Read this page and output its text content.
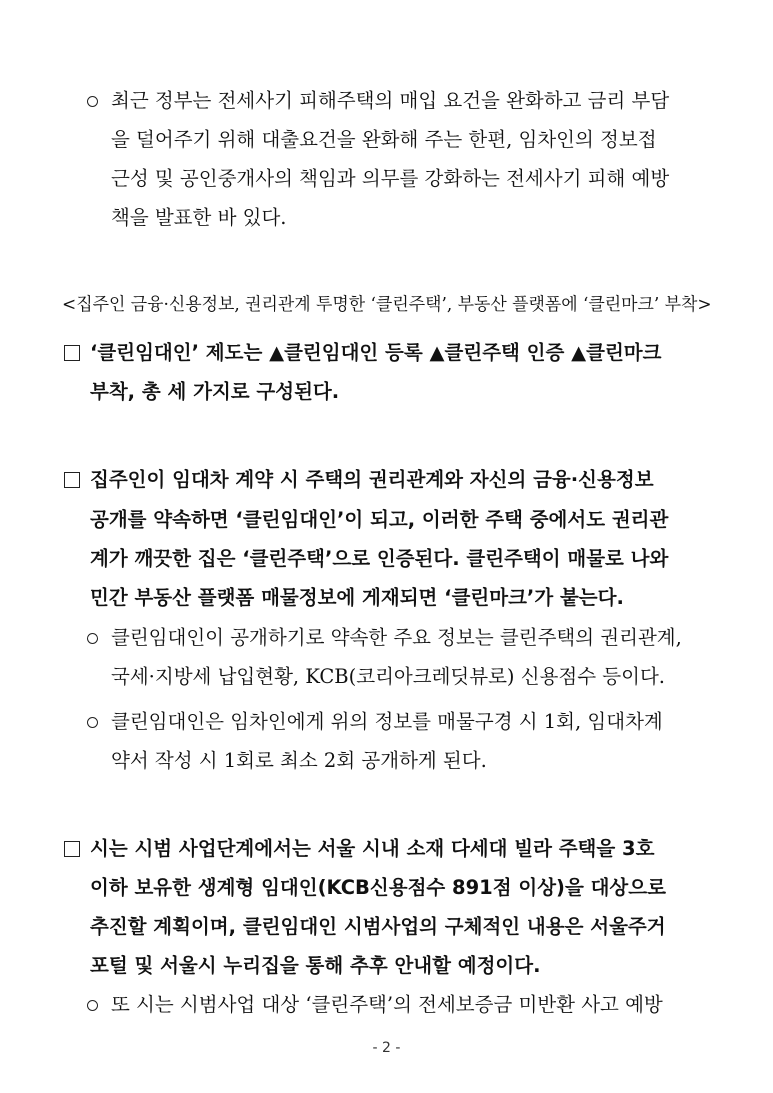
최근 정부는 전세사기 피해주택의 매입 요건을 완화하고 금리 부담

을 덜어주기 위해 대출요건을 완화해 주는 한편, 임차인의 정보접

근성 및 공인중개사의 책임과 의무를 강화하는 전세사기 피해 예방

책을 발표한 바 있다.

<집주인 금융·신용정보, 권리관계 투명한 ‘클린주택’, 부동산 플랫폼에 ‘클린마크’ 부착>

‘클린임대인’ 제도는 ▲클린임대인 등록 ▲클린주택 인증 ▲클린마크

부착, 총 세 가지로 구성된다.

집주인이 임대차 계약 시 주택의 권리관계와 자신의 금융·신용정보

공개를 약속하면 ‘클린임대인’이 되고, 이러한 주택 중에서도 권리관

계가 깨끗한 집은 ‘클린주택’으로 인증된다. 클린주택이 매물로 나와

민간 부동산 플랫폼 매물정보에 게재되면 ‘클린마크’가 붙는다.

클린임대인이 공개하기로 약속한 주요 정보는 클린주택의 권리관계,

국세·지방세 납입현황, KCB(코리아크레딧뷰로) 신용점수 등이다.

클린임대인은 임차인에게 위의 정보를 매물구경 시 1회, 임대차계

약서 작성 시 1회로 최소 2회 공개하게 된다.

시는 시범 사업단계에서는 서울 시내 소재 다세대 빌라 주택을 3호

이하 보유한 생계형 임대인(KCB신용점수 891점 이상)을 대상으로

추진할 계획이며, 클린임대인 시범사업의 구체적인 내용은 서울주거

포털 및 서울시 누리집을 통해 추후 안내할 예정이다.

또 시는 시범사업 대상 ‘클린주택’의 전세보증금 미반환 사고 예방

- 2 -
